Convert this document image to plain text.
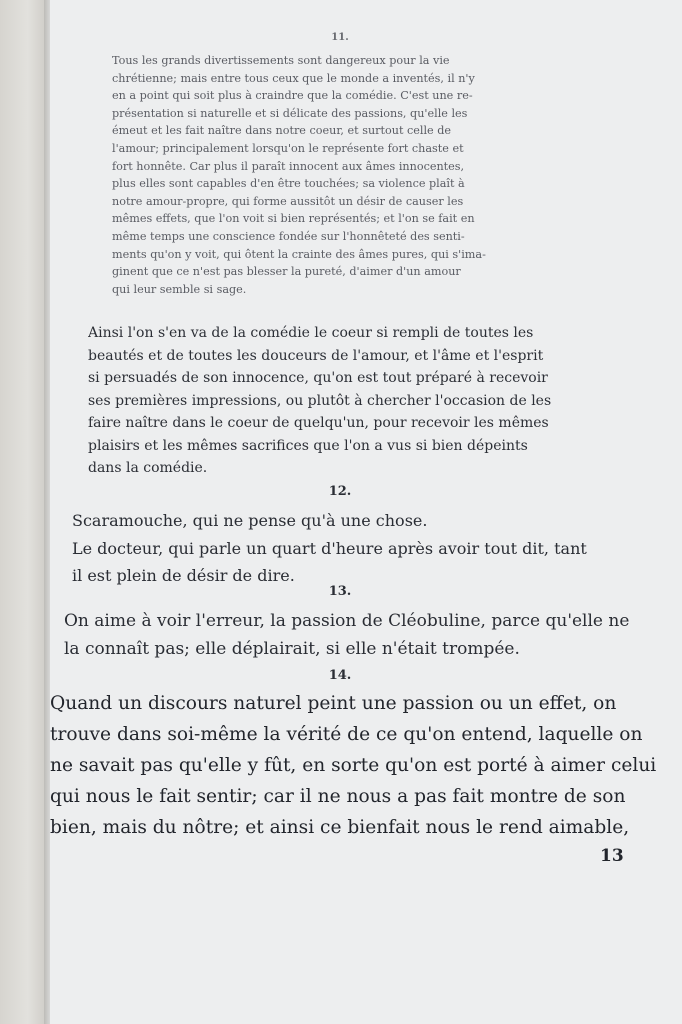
11.

Tous les grands divertissements sont dangereux pour la vie
chrétienne; mais entre tous ceux que le monde a inventés, il n'y
en a point qui soit plus à craindre que la comédie. C'est une re-
présentation si naturelle et si délicate des passions, qu'elle les
émeut et les fait naître dans notre coeur, et surtout celle de
l'amour; principalement lorsqu'on le représente fort chaste et
fort honnête. Car plus il paraît innocent aux âmes innocentes,
plus elles sont capables d'en être touchées; sa violence plaît à
notre amour-propre, qui forme aussitôt un désir de causer les
mêmes effets, que l'on voit si bien représentés; et l'on se fait en
même temps une conscience fondée sur l'honnêteté des senti-
ments qu'on y voit, qui ôtent la crainte des âmes pures, qui s'ima-
ginent que ce n'est pas blesser la pureté, d'aimer d'un amour
qui leur semble si sage.
Ainsi l'on s'en va de la comédie le coeur si rempli de toutes les
beautés et de toutes les douceurs de l'amour, et l'âme et l'esprit
si persuadés de son innocence, qu'on est tout préparé à recevoir
ses premières impressions, ou plutôt à chercher l'occasion de les
faire naître dans le coeur de quelqu'un, pour recevoir les mêmes
plaisirs et les mêmes sacrifices que l'on a vus si bien dépeints
dans la comédie.

12.

Scaramouche, qui ne pense qu'à une chose.
Le docteur, qui parle un quart d'heure après avoir tout dit, tant
il est plein de désir de dire.

13.

On aime à voir l'erreur, la passion de Cléobuline, parce qu'elle ne
la connaît pas; elle déplairait, si elle n'était trompée.

14.

Quand un discours naturel peint une passion ou un effet, on
trouve dans soi-même la vérité de ce qu'on entend, laquelle on
ne savait pas qu'elle y fût, en sorte qu'on est porté à aimer celui
qui nous le fait sentir; car il ne nous a pas fait montre de son
bien, mais du nôtre; et ainsi ce bienfait nous le rend aimable,

13
